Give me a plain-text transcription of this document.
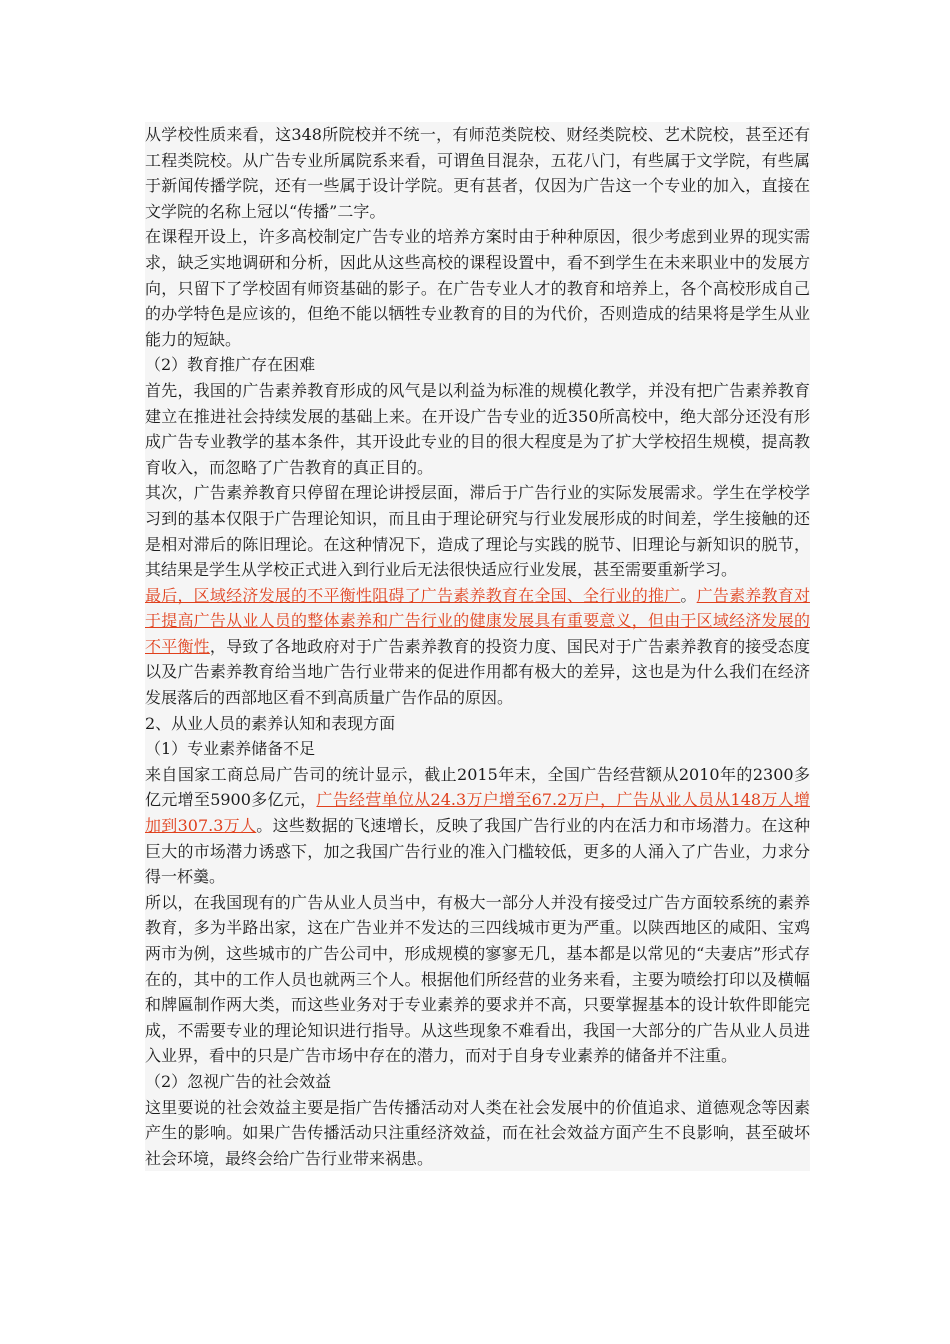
从学校性质来看，这348所院校并不统一，有师范类院校、财经类院校、艺术院校，甚至还有工程类院校。从广告专业所属院系来看，可谓鱼目混杂，五花八门，有些属于文学院，有些属于新闻传播学院，还有一些属于设计学院。更有甚者，仅因为广告这一个专业的加入，直接在文学院的名称上冠以“传播”二字。

在课程开设上，许多高校制定广告专业的培养方案时由于种种原因，很少考虑到业界的现实需求，缺乏实地调研和分析，因此从这些高校的课程设置中，看不到学生在未来职业中的发展方向，只留下了学校固有师资基础的影子。在广告专业人才的教育和培养上，各个高校形成自己的办学特色是应该的，但绝不能以牺牲专业教育的目的为代价，否则造成的结果将是学生从业能力的短缺。

（2）教育推广存在困难

首先，我国的广告素养教育形成的风气是以利益为标准的规模化教学，并没有把广告素养教育建立在推进社会持续发展的基础上来。在开设广告专业的近350所高校中，绝大部分还没有形成广告专业教学的基本条件，其开设此专业的目的很大程度是为了扩大学校招生规模，提高教育收入，而忽略了广告教育的真正目的。

其次，广告素养教育只停留在理论讲授层面，滞后于广告行业的实际发展需求。学生在学校学习到的基本仅限于广告理论知识，而且由于理论研究与行业发展形成的时间差，学生接触的还是相对滞后的陈旧理论。在这种情况下，造成了理论与实践的脱节、旧理论与新知识的脱节，其结果是学生从学校正式进入到行业后无法很快适应行业发展，甚至需要重新学习。

最后，区域经济发展的不平衡性阻碍了广告素养教育在全国、全行业的推广。广告素养教育对于提高广告从业人员的整体素养和广告行业的健康发展具有重要意义，但由于区域经济发展的不平衡性，导致了各地政府对于广告素养教育的投资力度、国民对于广告素养教育的接受态度以及广告素养教育给当地广告行业带来的促进作用都有极大的差异，这也是为什么我们在经济发展落后的西部地区看不到高质量广告作品的原因。

2、从业人员的素养认知和表现方面

（1）专业素养储备不足

来自国家工商总局广告司的统计显示，截止2015年末，全国广告经营额从2010年的2300多亿元增至5900多亿元，广告经营单位从24.3万户增至67.2万户，广告从业人员从148万人增加到307.3万人。这些数据的飞速增长，反映了我国广告行业的内在活力和市场潜力。在这种巨大的市场潜力诱惑下，加之我国广告行业的准入门槛较低，更多的人涌入了广告业，力求分得一杯羹。

所以，在我国现有的广告从业人员当中，有极大一部分人并没有接受过广告方面较系统的素养教育，多为半路出家，这在广告业并不发达的三四线城市更为严重。以陕西地区的咸阳、宝鸡两市为例，这些城市的广告公司中，形成规模的寥寥无几，基本都是以常见的“夫妻店”形式存在的，其中的工作人员也就两三个人。根据他们所经营的业务来看，主要为喷绘打印以及横幅和牌匾制作两大类，而这些业务对于专业素养的要求并不高，只要掌握基本的设计软件即能完成，不需要专业的理论知识进行指导。从这些现象不难看出，我国一大部分的广告从业人员进入业界，看中的只是广告市场中存在的潜力，而对于自身专业素养的储备并不注重。

（2）忽视广告的社会效益

这里要说的社会效益主要是指广告传播活动对人类在社会发展中的价值追求、道德观念等因素产生的影响。如果广告传播活动只注重经济效益，而在社会效益方面产生不良影响，甚至破坏社会环境，最终会给广告行业带来祸患。
